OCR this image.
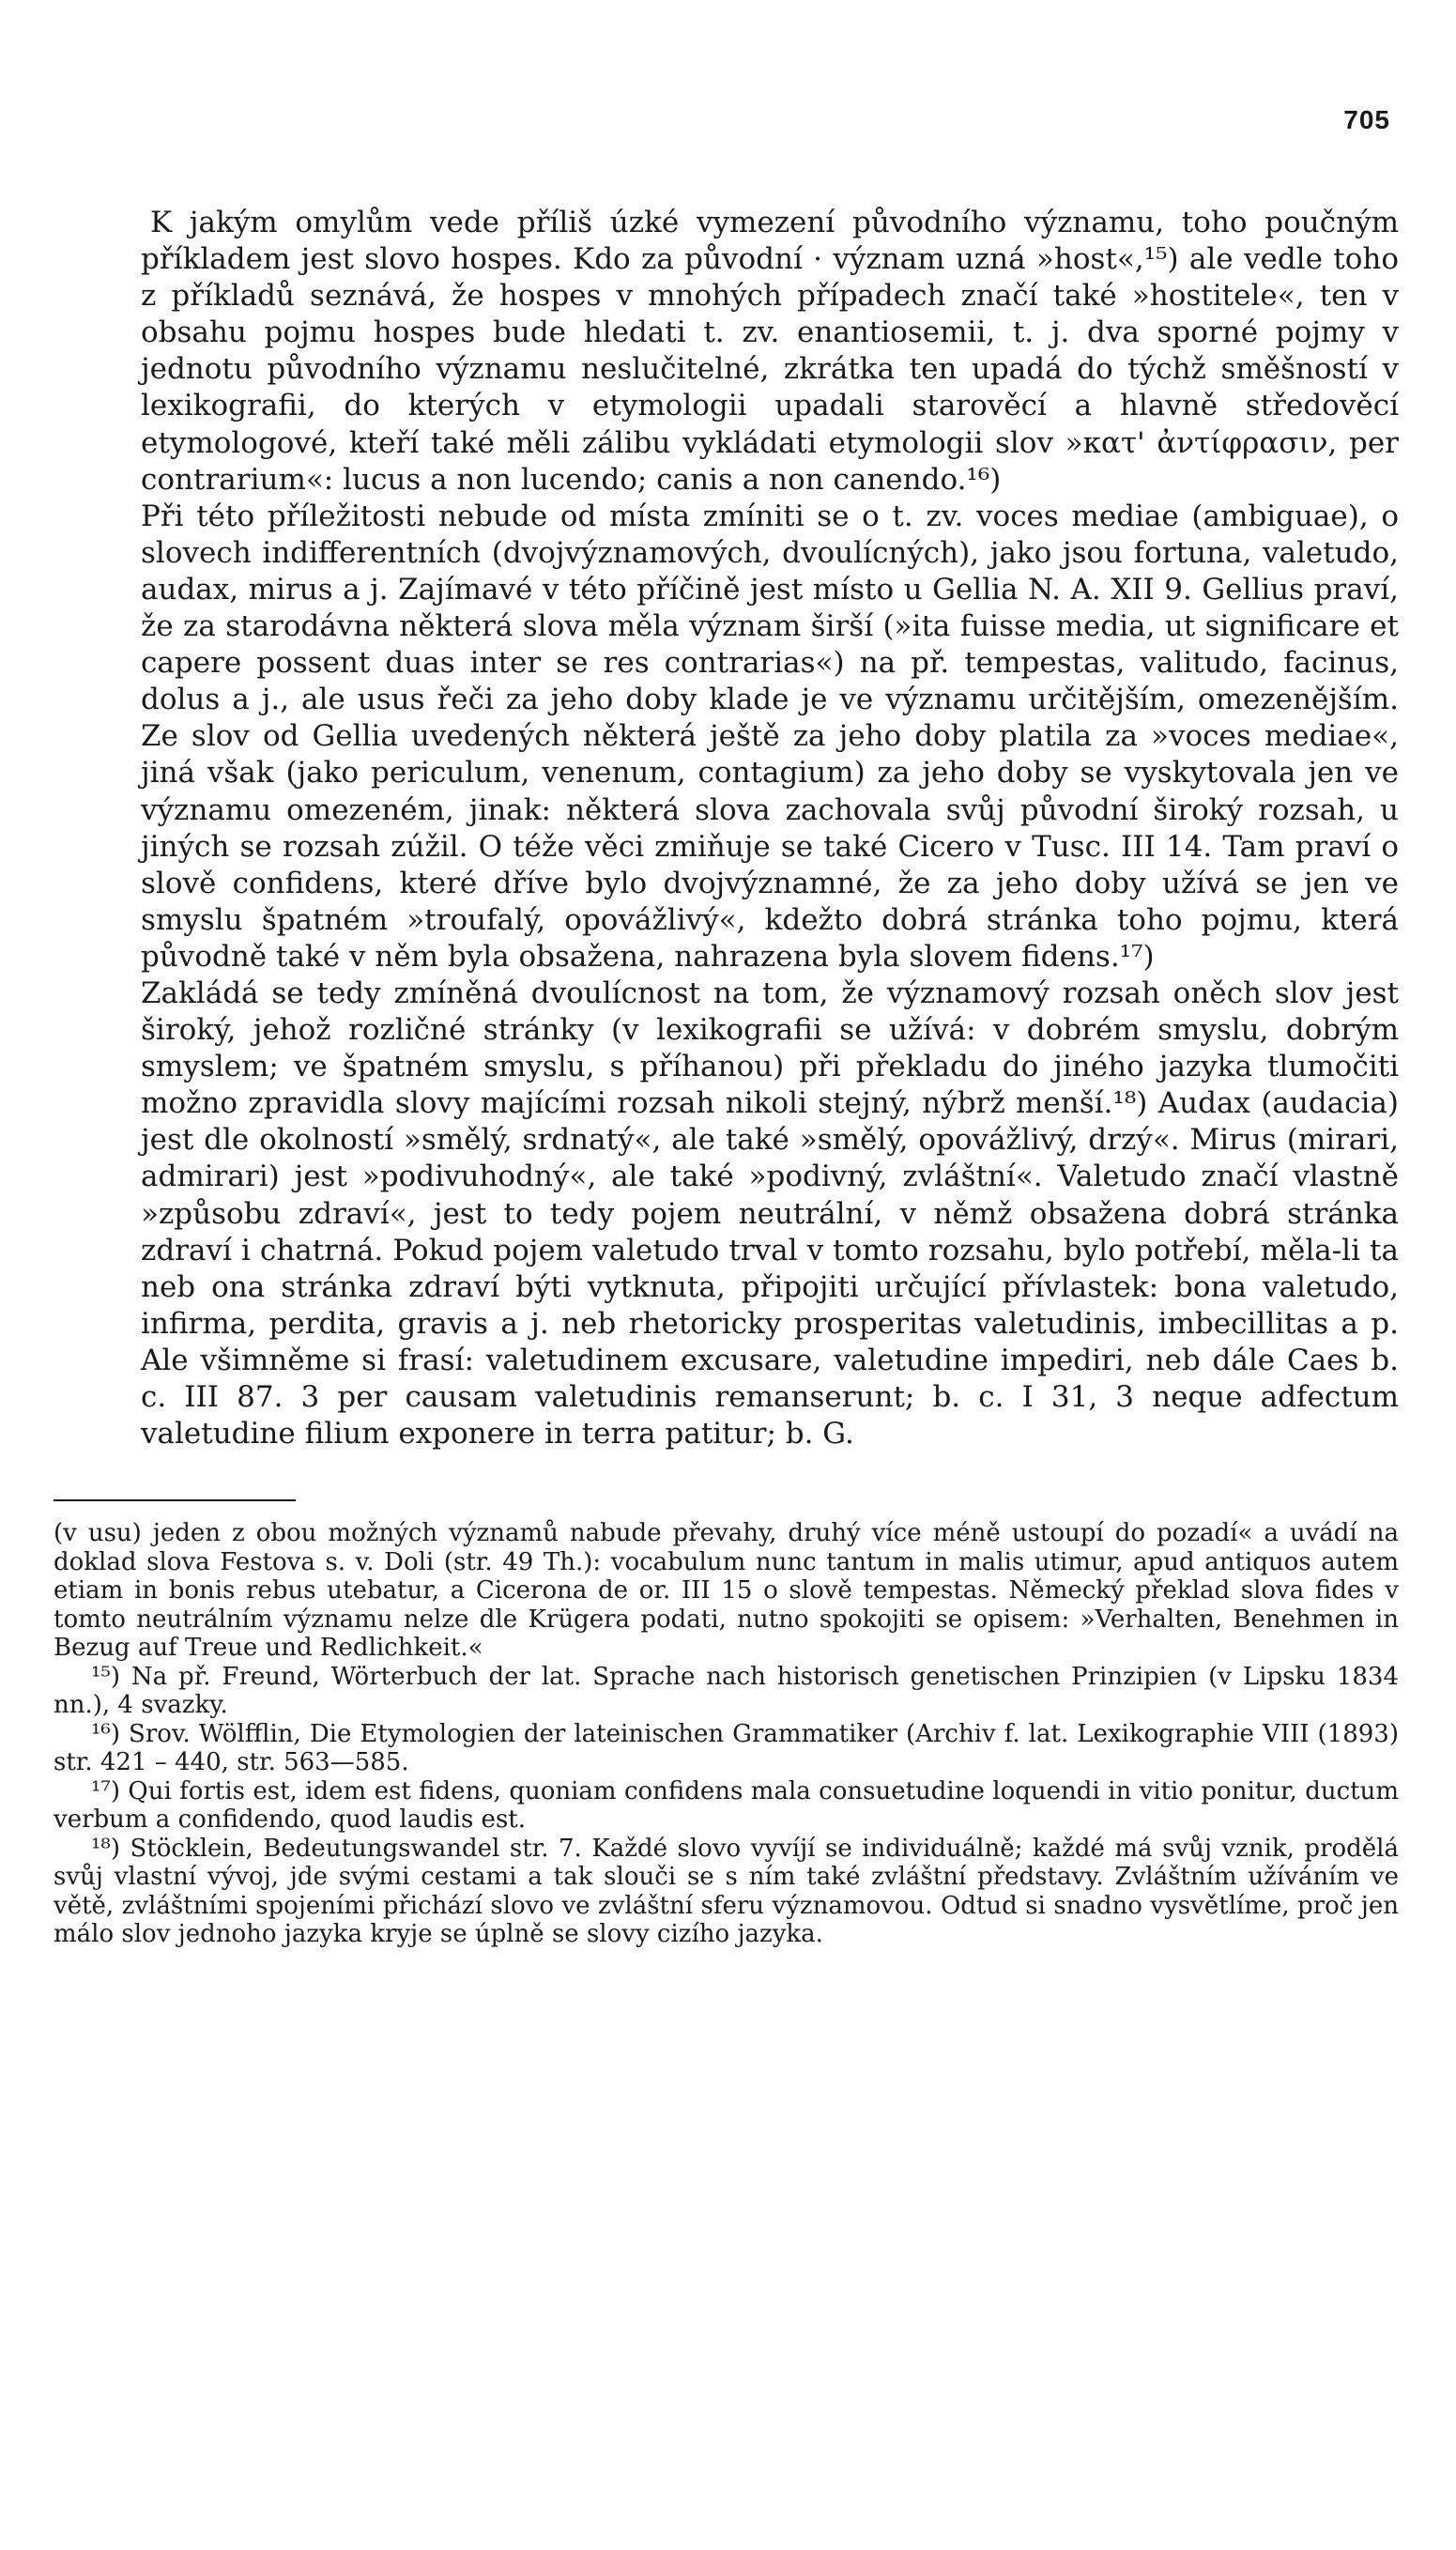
705

K jakým omylům vede příliš úzké vymezení původního významu, toho poučným příkladem jest slovo hospes. Kdo za původní · význam uzná »host«,¹⁵) ale vedle toho z příkladů seznává, že hospes v mnohých případech značí také »hostitele«, ten v obsahu pojmu hospes bude hledati t. zv. enantiosemii, t. j. dva sporné pojmy v jednotu původního významu neslučitelné, zkrátka ten upadá do týchž směšností v lexikografii, do kterých v etymologii upadali starověcí a hlavně středověcí etymologové, kteří také měli zálibu vykládati etymologii slov »κατ' ἀντίφρασιν, per contrarium«: lucus a non lucendo; canis a non canendo.¹⁶)

Při této příležitosti nebude od místa zmíniti se o t. zv. voces mediae (ambiguae), o slovech indifferentních (dvojvýznamových, dvoulícných), jako jsou fortuna, valetudo, audax, mirus a j. Zajímavé v této příčině jest místo u Gellia N. A. XII 9. Gellius praví, že za starodávna některá slova měla význam širší (»ita fuisse media, ut significare et capere possent duas inter se res contrarias«) na př. tempestas, valitudo, facinus, dolus a j., ale usus řeči za jeho doby klade je ve významu určitějším, omezenějším. Ze slov od Gellia uvedených některá ještě za jeho doby platila za »voces mediae«, jiná však (jako periculum, venenum, contagium) za jeho doby se vyskytovala jen ve významu omezeném, jinak: některá slova zachovala svůj původní široký rozsah, u jiných se rozsah zúžil. O téže věci zmiňuje se také Cicero v Tusc. III 14. Tam praví o slově confidens, které dříve bylo dvojvýznamné, že za jeho doby užívá se jen ve smyslu špatném »troufalý, opovážlivý«, kdežto dobrá stránka toho pojmu, která původně také v něm byla obsažena, nahrazena byla slovem fidens.¹⁷)

Zakládá se tedy zmíněná dvoulícnost na tom, že významový rozsah oněch slov jest široký, jehož rozličné stránky (v lexikografii se užívá: v dobrém smyslu, dobrým smyslem; ve špatném smyslu, s příhanou) při překladu do jiného jazyka tlumočiti možno zpravidla slovy majícími rozsah nikoli stejný, nýbrž menší.¹⁸) Audax (audacia) jest dle okolností »smělý, srdnatý«, ale také »smělý, opovážlivý, drzý«. Mirus (mirari, admirari) jest »podivuhodný«, ale také »podivný, zvláštní«. Valetudo značí vlastně »způsobu zdraví«, jest to tedy pojem neutrální, v němž obsažena dobrá stránka zdraví i chatrná. Pokud pojem valetudo trval v tomto rozsahu, bylo potřebí, měla-li ta neb ona stránka zdraví býti vytknuta, připojiti určující přívlastek: bona valetudo, infirma, perdita, gravis a j. neb rhetoricky prosperitas valetudinis, imbecillitas a p. Ale všimněme si frasí: valetudinem excusare, valetudine impediri, neb dále Caes b. c. III 87. 3 per causam valetudinis remanserunt; b. c. I 31, 3 neque adfectum valetudine filium exponere in terra patitur; b. G.

(v usu) jeden z obou možných významů nabude převahy, druhý více méně ustoupí do pozadí« a uvádí na doklad slova Festova s. v. Doli (str. 49 Th.): vocabulum nunc tantum in malis utimur, apud antiquos autem etiam in bonis rebus utebatur, a Cicerona de or. III 15 o slově tempestas. Německý překlad slova fides v tomto neutrálním významu nelze dle Krügera podati, nutno spokojiti se opisem: »Verhalten, Benehmen in Bezug auf Treue und Redlichkeit.«

¹⁵) Na př. Freund, Wörterbuch der lat. Sprache nach historisch genetischen Prinzipien (v Lipsku 1834 nn.), 4 svazky.

¹⁶) Srov. Wölfflin, Die Etymologien der lateinischen Grammatiker (Archiv f. lat. Lexikographie VIII (1893) str. 421 – 440, str. 563—585.

¹⁷) Qui fortis est, idem est fidens, quoniam confidens mala consuetudine loquendi in vitio ponitur, ductum verbum a confidendo, quod laudis est.

¹⁸) Stöcklein, Bedeutungswandel str. 7. Každé slovo vyvíjí se individuálně; každé má svůj vznik, prodělá svůj vlastní vývoj, jde svými cestami a tak slouči se s ním také zvláštní představy. Zvláštním užíváním ve větě, zvláštními spojeními přichází slovo ve zvláštní sferu významovou. Odtud si snadno vysvětlíme, proč jen málo slov jednoho jazyka kryje se úplně se slovy cizího jazyka.
